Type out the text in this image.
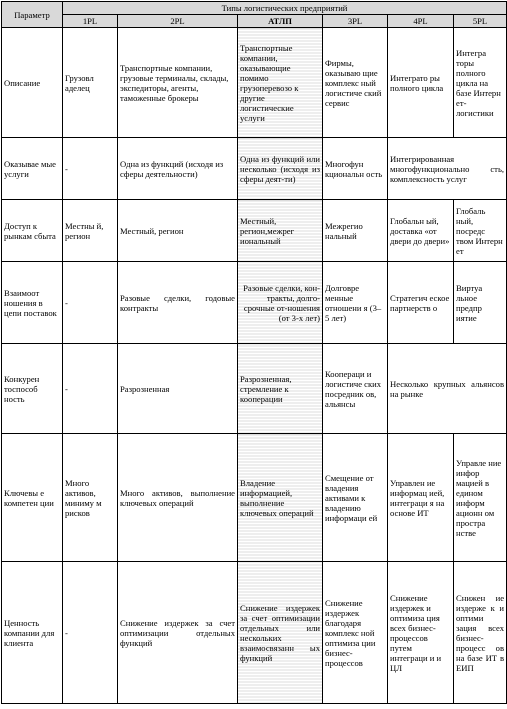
Параметр	Типы логистических предприятий					
	1PL	2PL	АТЛП	3PL	4PL	5PL
Описание	Грузовл аделец	Транспортные компании, грузовые терминалы, склады, экспедиторы, агенты, таможенные брокеры	Транспортные компании, оказывающие помимо грузоперевозо к другие логистические услуги	Фирмы, оказываю щие комплекс ный логистиче ский сервис	Интеграто ры полного цикла	Интегра торы полного цикла на базе Интерн ет-логистики
Оказывае мые услуги	-	Одна из функций (исходя из сферы деятельности)	Одна из функций или несколько (исходя из сферы деят-ти)	Многофун кциональн ость	Интегрированная многофункционально сть, комплексность услуг	
Доступ к рынкам сбыта	Местны й, регион	Местный, регион	Местный, регион,межрег иональный	Межрегио нальный	Глобальн ый, доставка «от двери до двери»	Глобаль ный, посредс твом Интерн ет
Взаимоот ношения в цепи поставок	-	Разовые сделки, годовые контракты	Разовые сделки, кон-тракты, долго-срочные от-ношения (от 3-х лет)	Долговре менные отношени я (3–5 лет)	Стратегич еское партнерств о	Виртуа льное предпр иятие
Конкурен тоспособ ность	-	Разрозненная	Разрозненная, стремление к кооперации	Коопераци и логистиче ских посредник ов, альянсы	Несколько крупных альянсов на рынке	
Ключевы е компетен ции	Много активов, миниму м рисков	Много активов, выполнение ключевых операций	Владение информацией, выполнение ключевых операций	Смещение от владения активами к владению информаци ей	Управлен ие информац ией, интеграци я на основе ИТ	Управле ние инфор мацией в едином информ ационн ом простра нстве
Ценность компании для клиента	-	Снижение издержек за счет оптимизации отдельных функций	Снижение издержек за счет оптимизации отдельных или нескольких взаимосвязанн ых функций	Снижение издержек благодаря комплекс ной оптимиза ции бизнес-процессов	Снижение издержек и оптимиза ция всех бизнес-процессов путем интеграци и и ЦЛ	Снижен ие издерже к и оптими зация всех бизнес-процесс ов на базе ИТ в ЕИП
